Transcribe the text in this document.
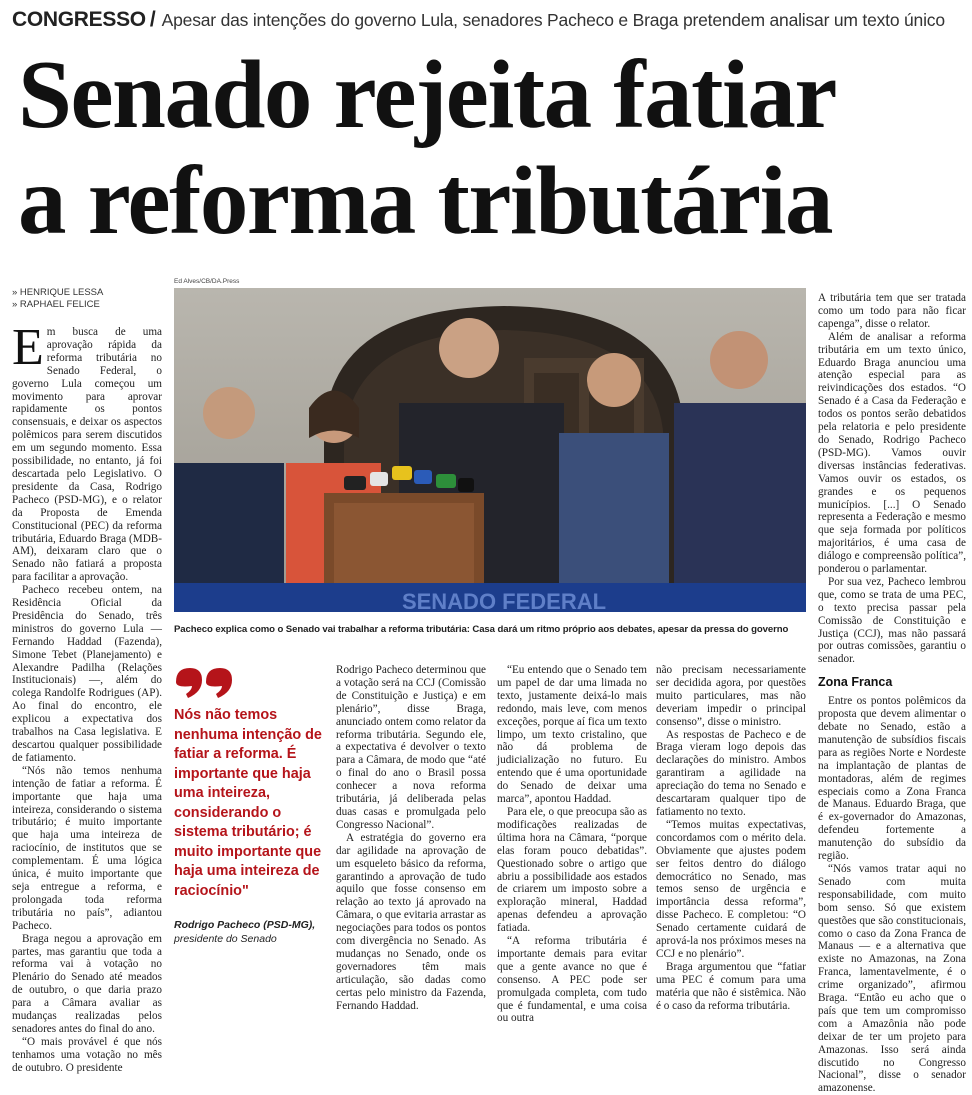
CONGRESSO / Apesar das intenções do governo Lula, senadores Pacheco e Braga pretendem analisar um texto único
Senado rejeita fatiar
a reforma tributária
» HENRIQUE LESSA
» RAPHAEL FELICE
Ed Alves/CB/DA.Press

Em busca de uma aprovação rápida da reforma tributária no Senado Federal, o governo Lula começou um movimento para aprovar rapidamente os pontos consensuais, e deixar os aspectos polêmicos para serem discutidos em um segundo momento. Essa possibilidade, no entanto, já foi descartada pelo Legislativo. O presidente da Casa, Rodrigo Pacheco (PSD-MG), e o relator da Proposta de Emenda Constitucional (PEC) da reforma tributária, Eduardo Braga (MDB-AM), deixaram claro que o Senado não fatiará a proposta para facilitar a aprovação.

Pacheco recebeu ontem, na Residência Oficial da Presidência do Senado, três ministros do governo Lula — Fernando Haddad (Fazenda), Simone Tebet (Planejamento) e Alexandre Padilha (Relações Institucionais) —, além do colega Randolfe Rodrigues (AP). Ao final do encontro, ele explicou a expectativa dos trabalhos na Casa legislativa. E descartou qualquer possibilidade de fatiamento.

“Nós não temos nenhuma intenção de fatiar a reforma. É importante que haja uma inteireza, considerando o sistema tributário; é muito importante que haja uma inteireza de raciocínio, de institutos que se complementam. É uma lógica única, é muito importante que seja entregue a reforma, e prolongada toda reforma tributária no país”, adiantou Pacheco.

Braga negou a aprovação em partes, mas garantiu que toda a reforma vai à votação no Plenário do Senado até meados de outubro, o que daria prazo para a Câmara avaliar as mudanças realizadas pelos senadores antes do final do ano.

“O mais provável é que nós tenhamos uma votação no mês de outubro. O presidente

SENADO FEDERAL
Pacheco explica como o Senado vai trabalhar a reforma tributária: Casa dará um ritmo próprio aos debates, apesar da pressa do governo
Nós não temos nenhuma intenção de fatiar a reforma. É importante que haja uma inteireza, considerando o sistema tributário; é muito importante que haja uma inteireza de raciocínio"
Rodrigo Pacheco (PSD-MG),
presidente do Senado

Rodrigo Pacheco determinou que a votação será na CCJ (Comissão de Constituição e Justiça) e em plenário”, disse Braga, anunciado ontem como relator da reforma tributária. Segundo ele, a expectativa é devolver o texto para a Câmara, de modo que “até o final do ano o Brasil possa conhecer a nova reforma tributária, já deliberada pelas duas casas e promulgada pelo Congresso Nacional”.

A estratégia do governo era dar agilidade na aprovação de um esqueleto básico da reforma, garantindo a aprovação de tudo aquilo que fosse consenso em relação ao texto já aprovado na Câmara, o que evitaria arrastar as negociações para todos os pontos com divergência no Senado. As mudanças no Senado, onde os governadores têm mais articulação, são dadas como certas pelo ministro da Fazenda, Fernando Haddad.

“Eu entendo que o Senado tem um papel de dar uma limada no texto, justamente deixá-lo mais redondo, mais leve, com menos exceções, porque aí fica um texto limpo, um texto cristalino, que não dá problema de judicialização no futuro. Eu entendo que é uma oportunidade do Senado de deixar uma marca”, apontou Haddad.

Para ele, o que preocupa são as modificações realizadas de última hora na Câmara, “porque elas foram pouco debatidas”. Questionado sobre o artigo que abriu a possibilidade aos estados de criarem um imposto sobre a exploração mineral, Haddad apenas defendeu a aprovação fatiada.

“A reforma tributária é importante demais para evitar que a gente avance no que é consenso. A PEC pode ser promulgada completa, com tudo que é fundamental, e uma coisa ou outra

não precisam necessariamente ser decidida agora, por questões muito particulares, mas não deveriam impedir o principal consenso”, disse o ministro.

As respostas de Pacheco e de Braga vieram logo depois das declarações do ministro. Ambos garantiram a agilidade na apreciação do tema no Senado e descartaram qualquer tipo de fatiamento no texto.

“Temos muitas expectativas, concordamos com o mérito dela. Obviamente que ajustes podem ser feitos dentro do diálogo democrático no Senado, mas temos senso de urgência e importância dessa reforma”, disse Pacheco. E completou: “O Senado certamente cuidará de aprová-la nos próximos meses na CCJ e no plenário”.

Braga argumentou que “fatiar uma PEC é comum para uma matéria que não é sistêmica. Não é o caso da reforma tributária.

A tributária tem que ser tratada como um todo para não ficar capenga”, disse o relator.

Além de analisar a reforma tributária em um texto único, Eduardo Braga anunciou uma atenção especial para as reivindicações dos estados. “O Senado é a Casa da Federação e todos os pontos serão debatidos pela relatoria e pelo presidente do Senado, Rodrigo Pacheco (PSD-MG). Vamos ouvir diversas instâncias federativas. Vamos ouvir os estados, os grandes e os pequenos municípios. [...] O Senado representa a Federação e mesmo que seja formada por políticos majoritários, é uma casa de diálogo e compreensão política”, ponderou o parlamentar.

Por sua vez, Pacheco lembrou que, como se trata de uma PEC, o texto precisa passar pela Comissão de Constituição e Justiça (CCJ), mas não passará por outras comissões, garantiu o senador.

Zona Franca

Entre os pontos polêmicos da proposta que devem alimentar o debate no Senado, estão a manutenção de subsídios fiscais para as regiões Norte e Nordeste na implantação de plantas de montadoras, além de regimes especiais como a Zona Franca de Manaus. Eduardo Braga, que é ex-governador do Amazonas, defendeu fortemente a manutenção do subsídio da região.

“Nós vamos tratar aqui no Senado com muita responsabilidade, com muito bom senso. Só que existem questões que são constitucionais, como o caso da Zona Franca de Manaus — e a alternativa que existe no Amazonas, na Zona Franca, lamentavelmente, é o crime organizado”, afirmou Braga. “Então eu acho que o país que tem um compromisso com a Amazônia não pode deixar de ter um projeto para Amazonas. Isso será ainda discutido no Congresso Nacional”, disse o senador amazonense.
